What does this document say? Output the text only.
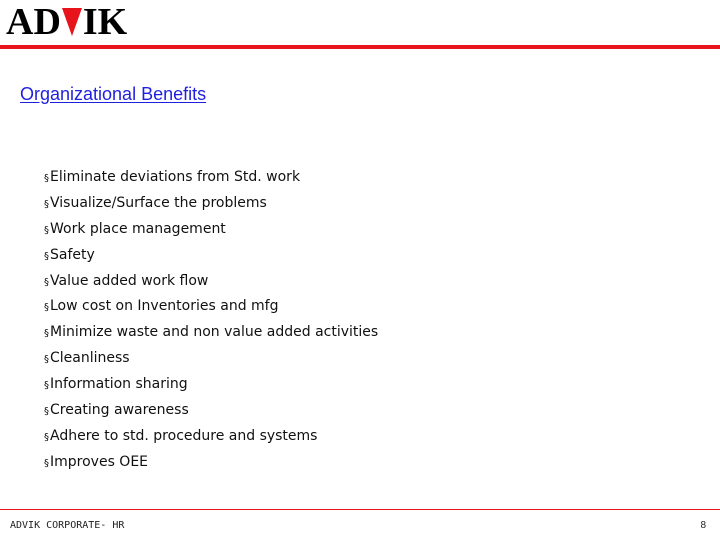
AD IK
Organizational Benefits
§Eliminate deviations from Std. work
§Visualize/Surface the problems
§Work place management
§Safety
§Value added work flow
§Low cost on Inventories and mfg
§Minimize waste and non value added activities
§Cleanliness
§Information sharing
§Creating awareness
§Adhere to std. procedure and systems
§Improves OEE
ADVIK CORPORATE- HR	8
